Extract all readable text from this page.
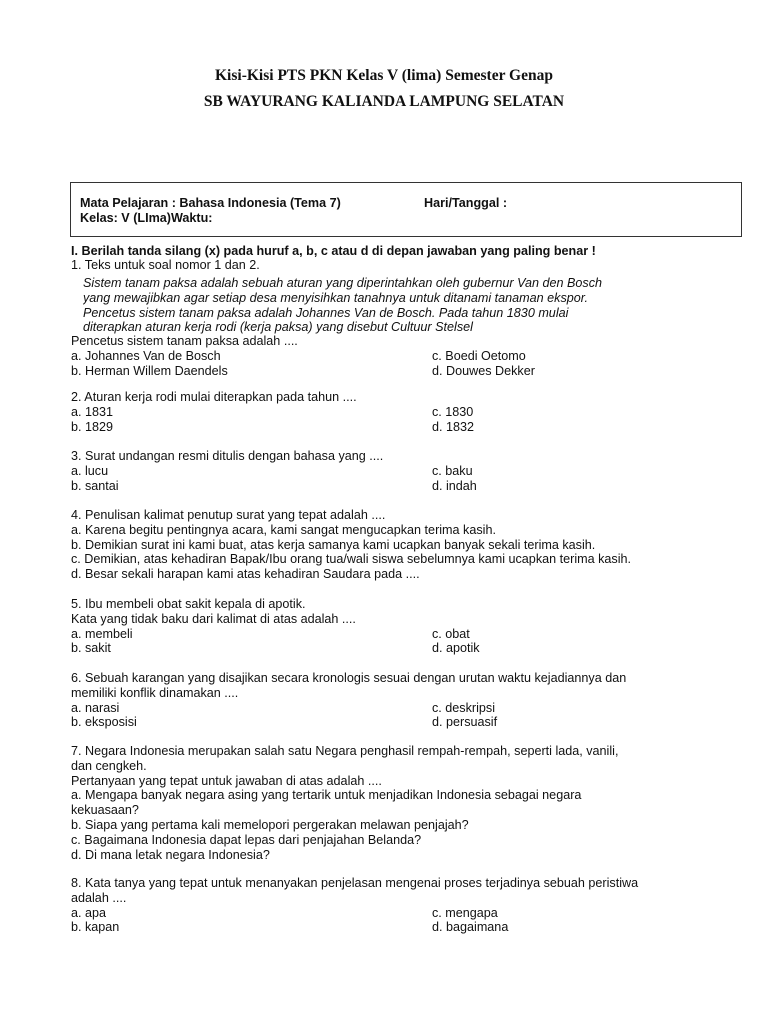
Kisi-Kisi PTS PKN Kelas V (lima) Semester Genap
SB WAYURANG KALIANDA LAMPUNG SELATAN
Mata Pelajaran : Bahasa Indonesia (Tema 7)	Hari/Tanggal :
Kelas: V (LIma)Waktu:
I. Berilah tanda silang (x) pada huruf a, b, c atau d di depan jawaban yang paling benar !
1. Teks untuk soal nomor 1 dan 2.
Sistem tanam paksa adalah sebuah aturan yang diperintahkan oleh gubernur Van den Bosch
yang mewajibkan agar setiap desa menyisihkan tanahnya untuk ditanami tanaman ekspor.
Pencetus sistem tanam paksa adalah Johannes Van de Bosch. Pada tahun 1830 mulai
diterapkan aturan kerja rodi (kerja paksa) yang disebut Cultuur Stelsel
Pencetus sistem tanam paksa adalah ....
a. Johannes Van de Bosch	c. Boedi Oetomo
b. Herman Willem Daendels	d. Douwes Dekker
2. Aturan kerja rodi mulai diterapkan pada tahun ....
a. 1831	c. 1830
b. 1829	d. 1832
3. Surat undangan resmi ditulis dengan bahasa yang ....
a. lucu	c. baku
b. santai	d. indah
4. Penulisan kalimat penutup surat yang tepat adalah ....
a. Karena begitu pentingnya acara, kami sangat mengucapkan terima kasih.
b. Demikian surat ini kami buat, atas kerja samanya kami ucapkan banyak sekali terima kasih.
c. Demikian, atas kehadiran Bapak/Ibu orang tua/wali siswa sebelumnya kami ucapkan terima kasih.
d. Besar sekali harapan kami atas kehadiran Saudara pada ....
5. Ibu membeli obat sakit kepala di apotik.
Kata yang tidak baku dari kalimat di atas adalah ....
a. membeli	c. obat
b. sakit	d. apotik
6. Sebuah karangan yang disajikan secara kronologis sesuai dengan urutan waktu kejadiannya dan
memiliki konflik dinamakan ....
a. narasi	c. deskripsi
b. eksposisi	d. persuasif
7. Negara Indonesia merupakan salah satu Negara penghasil rempah-rempah, seperti lada, vanili,
dan cengkeh.
Pertanyaan yang tepat untuk jawaban di atas adalah ....
a. Mengapa banyak negara asing yang tertarik untuk menjadikan Indonesia sebagai negara
kekuasaan?
b. Siapa yang pertama kali memelopori pergerakan melawan penjajah?
c. Bagaimana Indonesia dapat lepas dari penjajahan Belanda?
d. Di mana letak negara Indonesia?
8. Kata tanya yang tepat untuk menanyakan penjelasan mengenai proses terjadinya sebuah peristiwa
adalah ....
a. apa	c. mengapa
b. kapan	d. bagaimana
